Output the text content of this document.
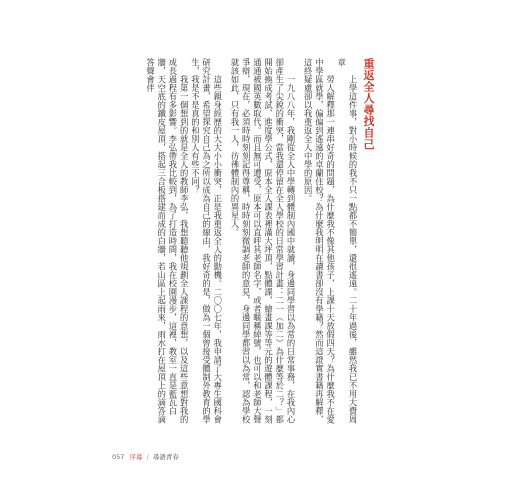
重返全人尋找自己

上學這件事，對小時候的我不只一點都不簡單，還很遙遠。二十年過後，雖然我已不用大費周章

勞人解釋那一連串好奇的問題，為什麼我不像其他孩子，上課十天放假四天？為什麼我不在愛中學區就學，偏偏到遙遠的卓蘭住校？為什麼我明明在讀書卻沒有學籍？然而這證實書籍再解釋，這終疑慮卻以我重返全人中學的原因。

一九八八年，我剛從全人中學轉到體制內國中就讀，身邊同學習以為常的日常事務，在我內心卻產生了尖銳的衝突，當我還停留在全人學校的日常學習計畫：二一（加二）為什麼等於二？」都開始換成考試、進度學公式，原本全人課表裡滿大坪頂，點體課，繪畫課等等元的遊體課程，一刻通通被國英數取代。而且無可遭受，原本可以直呼其老師名字，或者暱稱綽號，也可以和老師大聲爭辯，現在，必須時時刻刻記得尊稱，時時刻刻微調老師的意見，身邊同學都習以為常，認為學校就該如此，只有我一人，彷彿體制內的異星人。

這些親身經歷的大大小小衝突，正是我重返全人的動機。二〇〇七年，我申請了大專生國科會研究計畫，希望探究自己為之所以成為自己的線由，我好奇的是，做為一個曾接受體制外教育的學生，我是不是真的和別人有些不同？

我第一個想到的就是全人的教師李弘，我想聽聽他規劃全人課程的意想，以及這些意想對我的成長過程有多影響。李弘帶我比較到，為了打造時間，我在校園漫步，這裡，教室一直是藍瓦白牆，天空底的鐵皮屋頂，搭起三合板搭建而成的白牆，若山區上起雨來，雨水打在屋頂上的滴答滴答聲會伴

057 序幕 / 尋語青春
